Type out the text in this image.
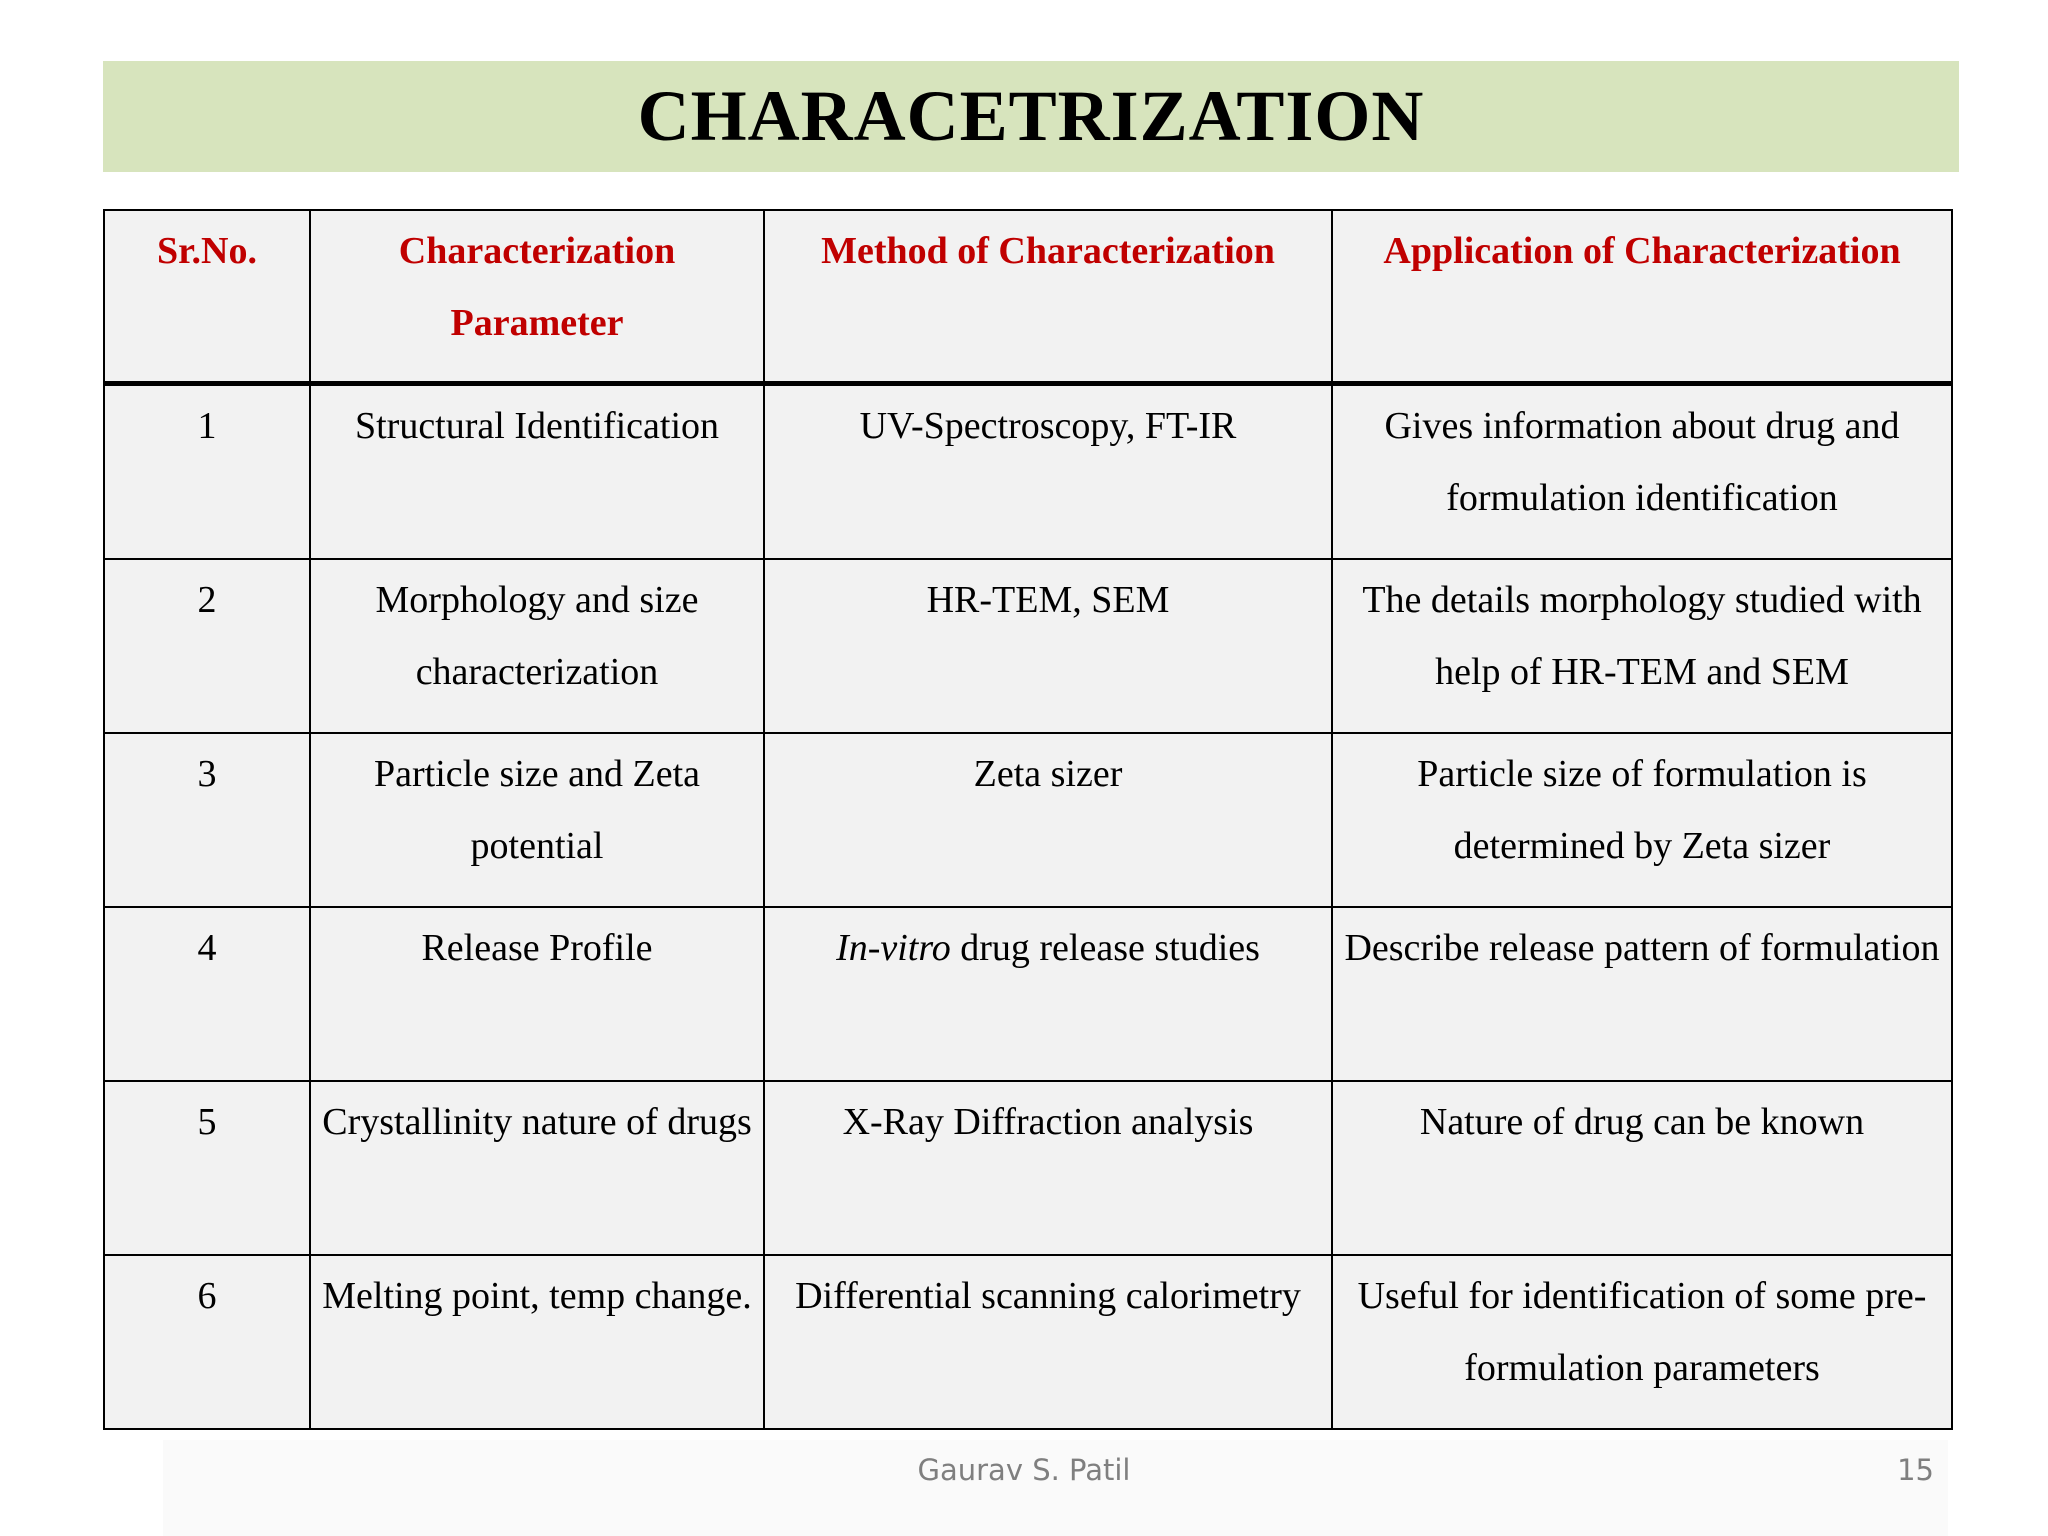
CHARACETRIZATION
Sr.No.	Characterization Parameter	Method of Characterization	Application of Characterization
1	Structural Identification	UV-Spectroscopy, FT-IR	Gives information about drug and formulation identification
2	Morphology and size characterization	HR-TEM, SEM	The details morphology studied with help of HR-TEM and SEM
3	Particle size and Zeta potential	Zeta sizer	Particle size of formulation is determined by Zeta sizer
4	Release Profile	In-vitro drug release studies	Describe release pattern of formulation
5	Crystallinity nature of drugs	X-Ray Diffraction analysis	Nature of drug can be known
6	Melting point, temp change.	Differential scanning calorimetry	Useful for identification of some pre-formulation parameters
Gaurav S. Patil	15
